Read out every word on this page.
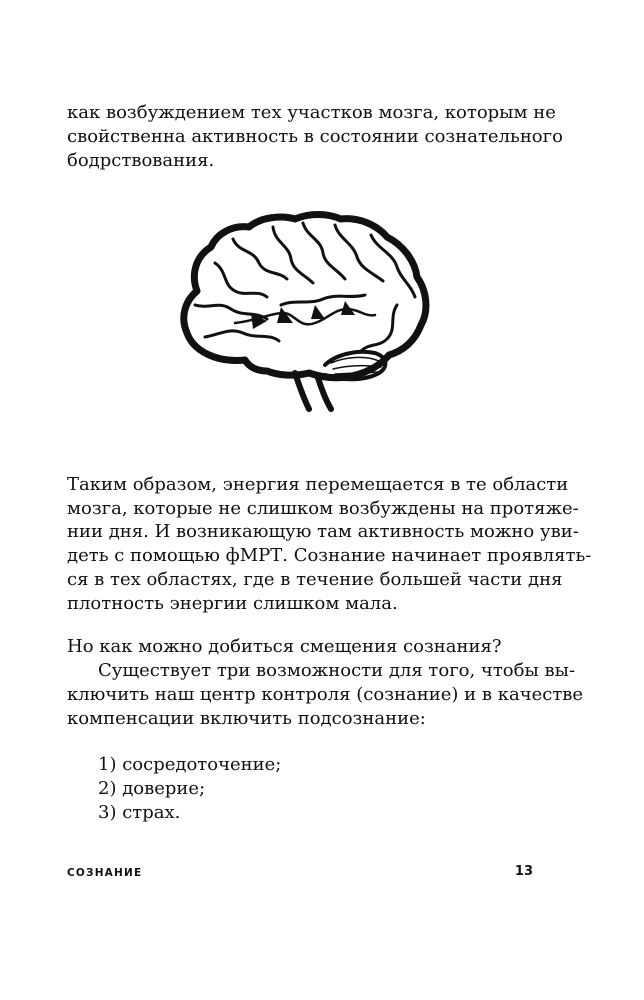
как возбуждением тех участков мозга, которым не
свойственна активность в состоянии сознательного
бодрствования.
Таким образом, энергия перемещается в те области
мозга, которые не слишком возбуждены на протяже-
нии дня. И возникающую там активность можно уви-
деть с помощью фМРТ. Сознание начинает проявлять-
ся в тех областях, где в течение большей части дня
плотность энергии слишком мала.
Но как можно добиться смещения сознания?
Существует три возможности для того, чтобы вы-
ключить наш центр контроля (сознание) и в качестве
компенсации включить подсознание:
1) сосредоточение;
2) доверие;
3) страх.
СОЗНАНИЕ	13
